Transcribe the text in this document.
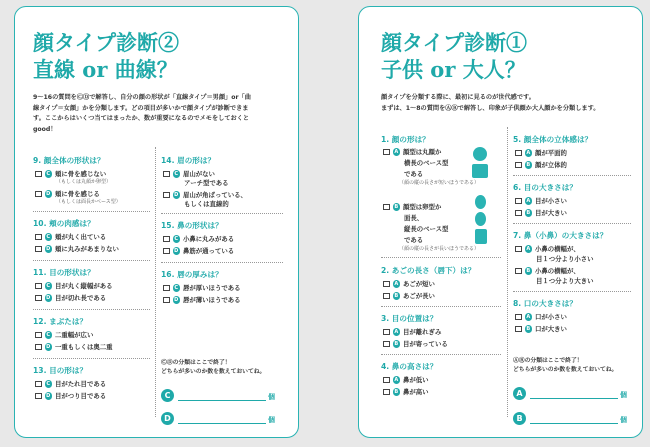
顔タイプ診断②
直線 or 曲線？
9～16の質問をⒸⒹで解答し、自分の顔の形状が「直線タイプ＝男顔」or「曲
線タイプ＝女顔」かを分類します。どの項目が多いかで顔タイプが診断できま
す。ここからはいくつ当てはまったか、数が重要になるのでメモをしておくと
good！
9. 顔全体の形状は？
C 頬に骨を感じない
（もしくは丸顔か卵型）
D 頬に骨を感じる
（もしくは面長かベース型）
10. 頬の肉感は？
C 頬が丸く出ている
D 頬に丸みがあまりない
11. 目の形状は？
C 目が丸く縦幅がある
D 目が切れ長である
12. まぶたは？
C 二重幅が広い
D 一重もしくは奥二重
13. 目の形は？
C 目がたれ目である
D 目がつり目である
14. 眉の形は？
C 眉山がない
アーチ型である
D 眉山が角ばっている、
もしくは直線的
15. 鼻の形状は？
C 小鼻に丸みがある
D 鼻筋が通っている
16. 唇の厚みは？
C 唇が厚いほうである
D 唇が薄いほうである
ⒸⒹの分類はここで終了！
どちらが多いのか数を数えておいてね。
C	個
D	個
顔タイプ診断①
子供 or 大人？
顔タイプを分類する際に、最初に見るのが世代感です。
まずは、1～8の質問をⒶⒷで解答し、印象が子供顔か大人顔かを分類します。
1. 顔の形は？
A 顔型は丸顔か
横長のベース型
である
（顔の縦の長さが短いほうである）
B 顔型は卵型か
面長、
縦長のベース型
である
（顔の縦の長さが長いほうである）
2. あごの長さ（唇下）は？
A あごが短い
B あごが長い
3. 目の位置は？
A 目が離れぎみ
B 目が寄っている
4. 鼻の高さは？
A 鼻が低い
B 鼻が高い
5. 顔全体の立体感は？
A 顔が平面的
B 顔が立体的
6. 目の大きさは？
A 目が小さい
B 目が大きい
7. 鼻（小鼻）の大きさは？
A 小鼻の横幅が、
目１つ分より小さい
B 小鼻の横幅が、
目１つ分より大きい
8. 口の大きさは？
A 口が小さい
B 口が大きい
ⒶⒷの分類はここで終了！
どちらが多いのか数を数えておいてね。
A	個
B	個
